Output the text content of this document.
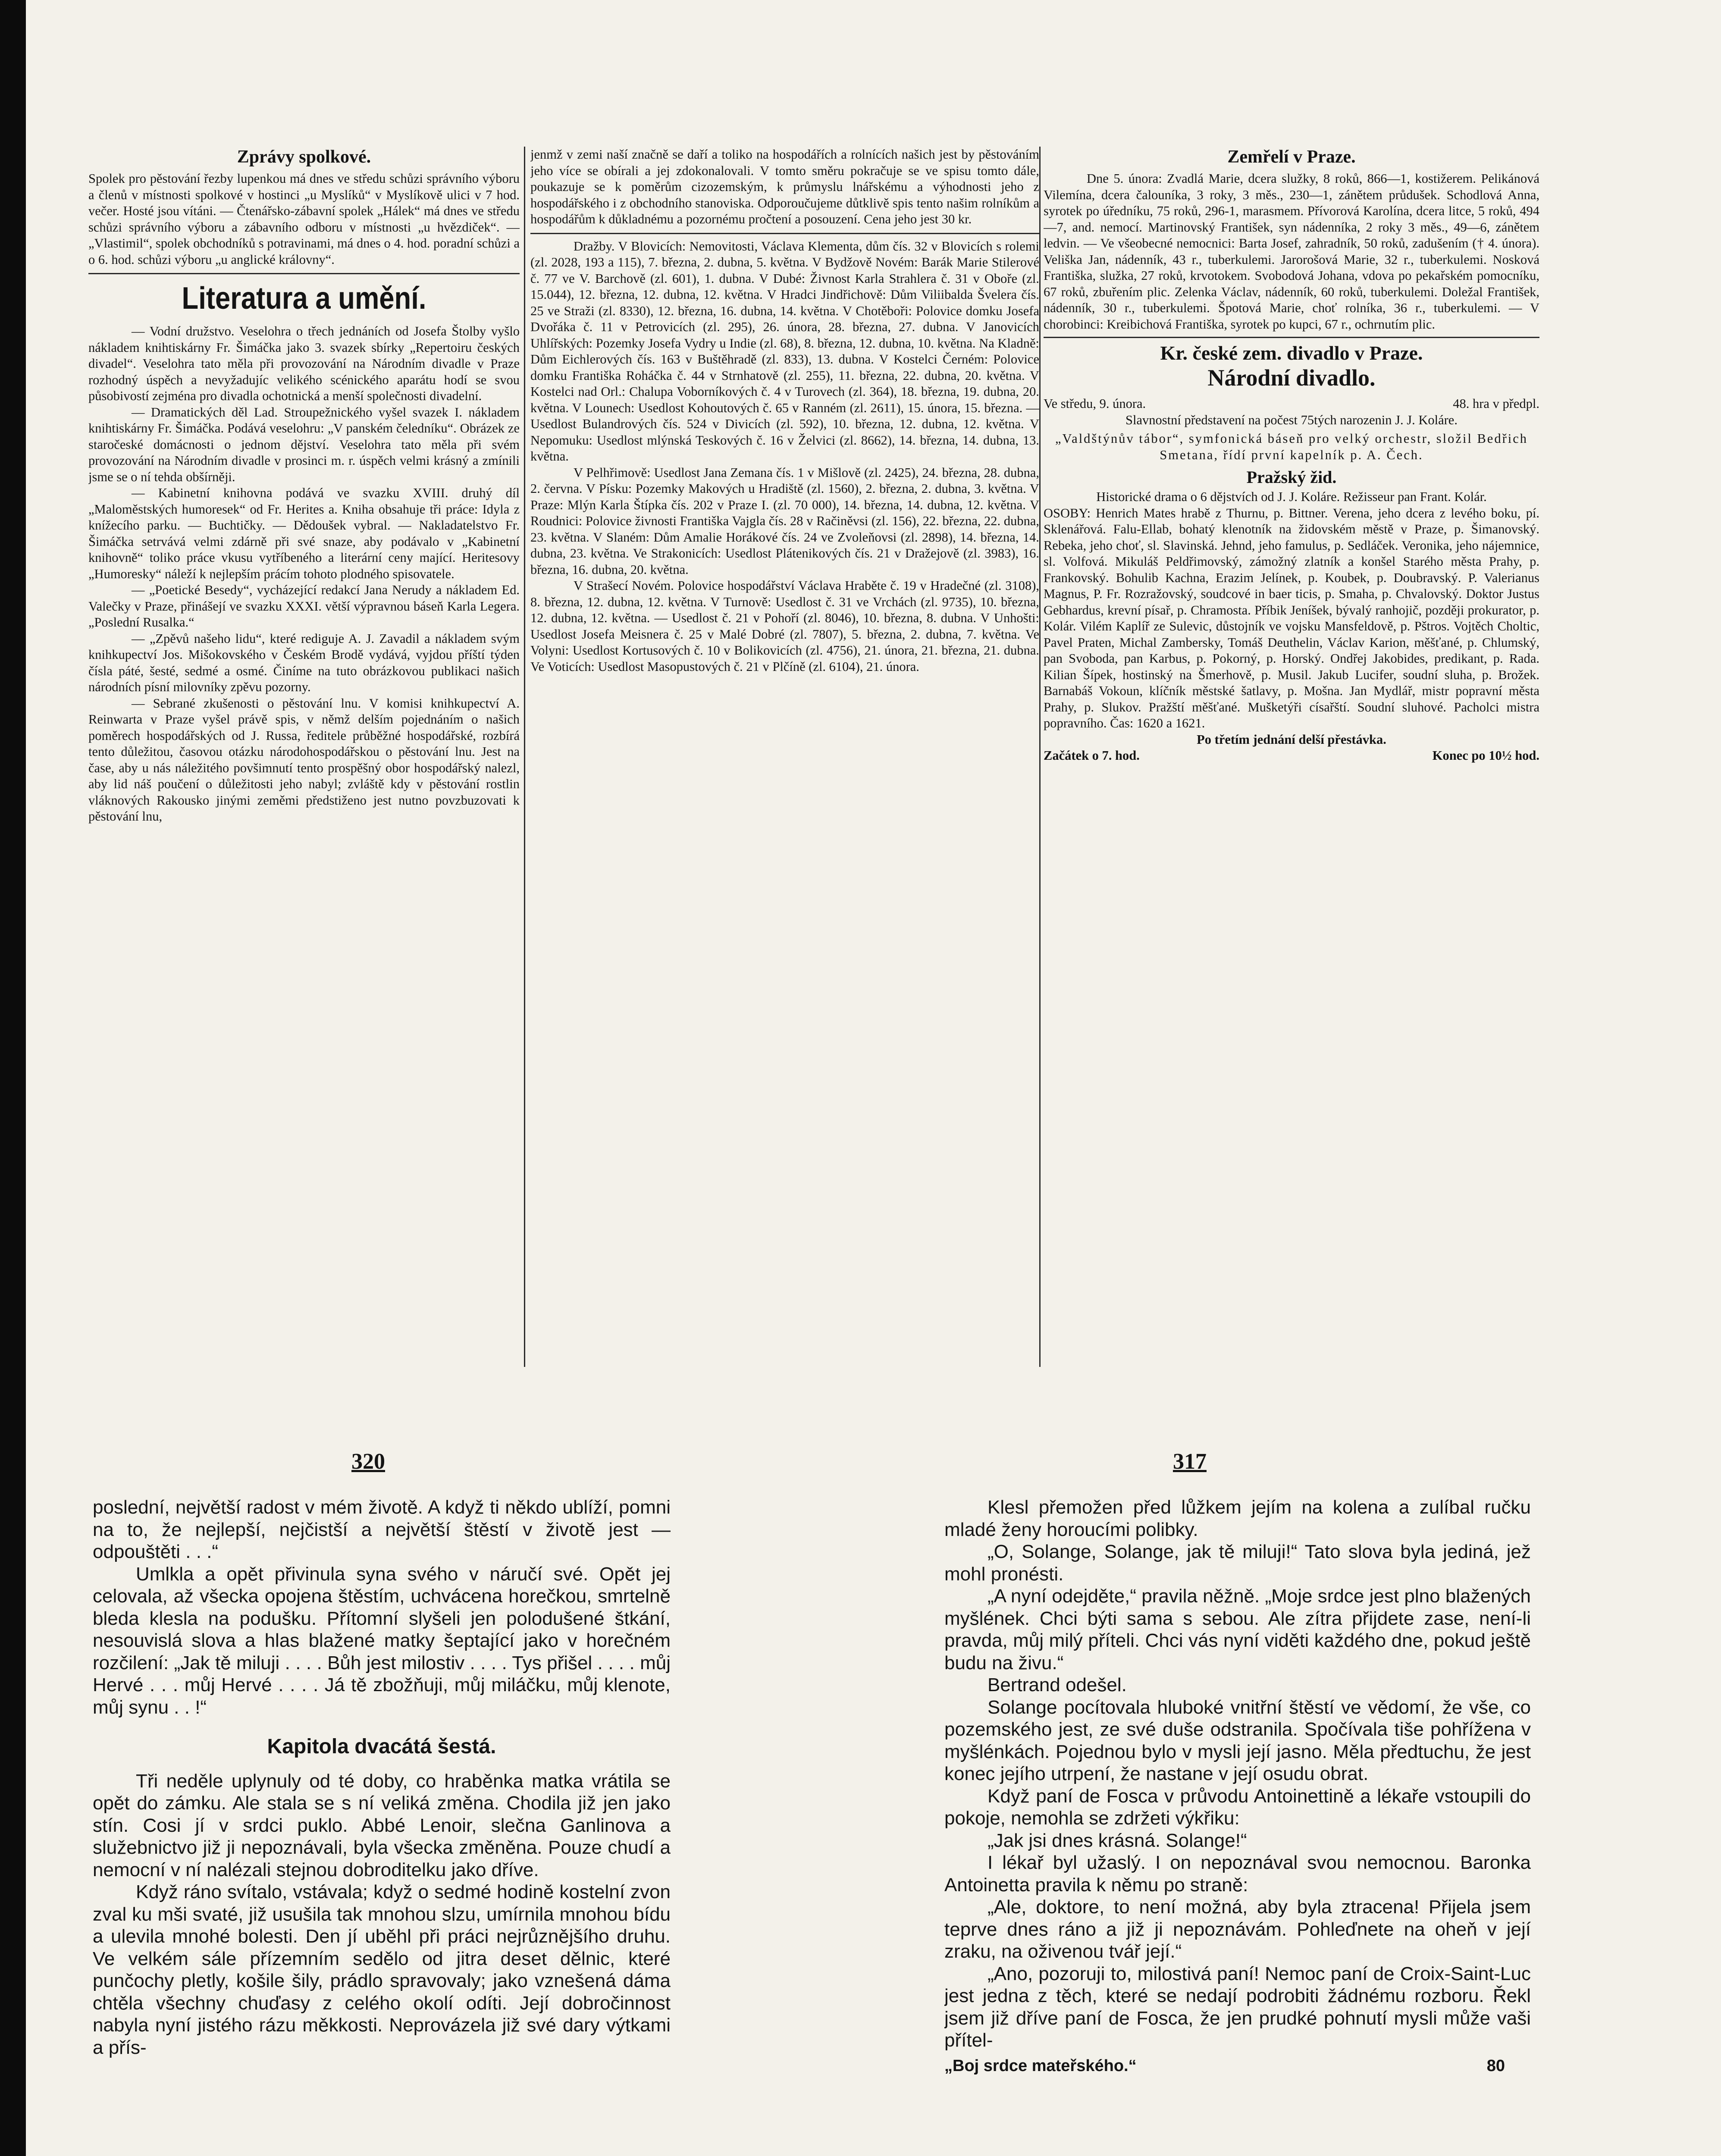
Zprávy spolkové.

Spolek pro pěstování řezby lupenkou má dnes ve středu schůzi správního výboru a členů v místnosti spolkové v hostinci „u Myslíků“ v Myslíkově ulici v 7 hod. večer. Hosté jsou vítáni. — Čtenářsko-zábavní spolek „Hálek“ má dnes ve středu schůzi správního výboru a zábavního odboru v místnosti „u hvězdiček“. — „Vlastimil“, spolek obchodníků s potravinami, má dnes o 4. hod. poradní schůzi a o 6. hod. schůzi výboru „u anglické královny“.

Literatura a umění.

— Vodní družstvo. Veselohra o třech jednáních od Josefa Štolby vyšlo nákladem knihtiskárny Fr. Šimáčka jako 3. svazek sbírky „Repertoiru českých divadel“. Veselohra tato měla při provozování na Národním divadle v Praze rozhodný úspěch a nevyžadujíc velikého scénického aparátu hodí se svou působivostí zejména pro divadla ochotnická a menší společnosti divadelní.

— Dramatických děl Lad. Stroupežnického vyšel svazek I. nákladem knihtiskárny Fr. Šimáčka. Podává veselohru: „V panském čeledníku“. Obrázek ze staročeské domácnosti o jednom dějství. Veselohra tato měla při svém provozování na Národním divadle v prosinci m. r. úspěch velmi krásný a zmínili jsme se o ní tehda obšírněji.

— Kabinetní knihovna podává ve svazku XVIII. druhý díl „Maloměstských humoresek“ od Fr. Herites a. Kniha obsahuje tři práce: Idyla z knížecího parku. — Buchtičky. — Dědoušek vybral. — Nakladatelstvo Fr. Šimáčka setrvává velmi zdárně při své snaze, aby podávalo v „Kabinetní knihovně“ toliko práce vkusu vytříbeného a literární ceny mající. Heritesovy „Humoresky“ náleží k nejlepším prácím tohoto plodného spisovatele.

— „Poetické Besedy“, vycházející redakcí Jana Nerudy a nákladem Ed. Valečky v Praze, přinášejí ve svazku XXXI. větší výpravnou báseň Karla Legera. „Poslední Rusalka.“

— „Zpěvů našeho lidu“, které rediguje A. J. Zavadil a nákladem svým knihkupectví Jos. Mišokovského v Českém Brodě vydává, vyjdou příští týden čísla páté, šesté, sedmé a osmé. Činíme na tuto obrázkovou publikaci našich národních písní milovníky zpěvu pozorny.

— Sebrané zkušenosti o pěstování lnu. V komisi knihkupectví A. Reinwarta v Praze vyšel právě spis, v němž delším pojednáním o našich poměrech hospodářských od J. Russa, ředitele průběžné hospodářské, rozbírá tento důležitou, časovou otázku národohospodářskou o pěstování lnu. Jest na čase, aby u nás náležitého povšimnutí tento prospěšný obor hospodářský nalezl, aby lid náš poučení o důležitosti jeho nabyl; zvláště kdy v pěstování rostlin vláknových Rakousko jinými zeměmi předstiženo jest nutno povzbuzovati k pěstování lnu,

jenmž v zemi naší značně se daří a toliko na hospodářích a rolnících našich jest by pěstováním jeho více se obírali a jej zdokonalovali. V tomto směru pokračuje se ve spisu tomto dále, poukazuje se k poměrům cizozemským, k průmyslu lnářskému a výhodnosti jeho z hospodářského i z obchodního stanoviska. Odporoučujeme důtklivě spis tento našim rolníkům a hospodářům k důkladnému a pozornému pročtení a posouzení. Cena jeho jest 30 kr.

Dražby. V Blovicích: Nemovitosti, Václava Klementa, dům čís. 32 v Blovicích s rolemi (zl. 2028, 193 a 115), 7. března, 2. dubna, 5. května. V Bydžově Novém: Barák Marie Stilerové č. 77 ve V. Barchově (zl. 601), 1. dubna. V Dubé: Živnost Karla Strahlera č. 31 v Oboře (zl. 15.044), 12. března, 12. dubna, 12. května. V Hradci Jindřichově: Dům Viliibalda Švelera čís. 25 ve Straži (zl. 8330), 12. března, 16. dubna, 14. května. V Chotěboři: Polovice domku Josefa Dvořáka č. 11 v Petrovicích (zl. 295), 26. února, 28. března, 27. dubna. V Janovicích Uhlířských: Pozemky Josefa Vydry u Indie (zl. 68), 8. března, 12. dubna, 10. května. Na Kladně: Dům Eichlerových čís. 163 v Buštěhradě (zl. 833), 13. dubna. V Kostelci Černém: Polovice domku Františka Roháčka č. 44 v Strnhatově (zl. 255), 11. března, 22. dubna, 20. května. V Kostelci nad Orl.: Chalupa Voborníkových č. 4 v Turovech (zl. 364), 18. března, 19. dubna, 20. května. V Lounech: Usedlost Kohoutových č. 65 v Ranném (zl. 2611), 15. února, 15. března. — Usedlost Bulandrových čís. 524 v Divicích (zl. 592), 10. března, 12. dubna, 12. května. V Nepomuku: Usedlost mlýnská Teskových č. 16 v Želvici (zl. 8662), 14. března, 14. dubna, 13. května.

V Pelhřimově: Usedlost Jana Zemana čís. 1 v Mišlově (zl. 2425), 24. března, 28. dubna, 2. června. V Písku: Pozemky Makových u Hradiště (zl. 1560), 2. března, 2. dubna, 3. května. V Praze: Mlýn Karla Štípka čís. 202 v Praze I. (zl. 70 000), 14. března, 14. dubna, 12. května. V Roudnici: Polovice živnosti Františka Vajgla čís. 28 v Račiněvsi (zl. 156), 22. března, 22. dubna, 23. května. V Slaném: Dům Amalie Horákové čís. 24 ve Zvoleňovsi (zl. 2898), 14. března, 14. dubna, 23. května. Ve Strakonicích: Usedlost Plátenikových čís. 21 v Dražejově (zl. 3983), 16. března, 16. dubna, 20. května.

V Strašecí Novém. Polovice hospodářství Václava Hraběte č. 19 v Hradečné (zl. 3108), 8. března, 12. dubna, 12. května. V Turnově: Usedlost č. 31 ve Vrchách (zl. 9735), 10. března, 12. dubna, 12. května. — Usedlost č. 21 v Pohoří (zl. 8046), 10. března, 8. dubna. V Unhošti: Usedlost Josefa Meisnera č. 25 v Malé Dobré (zl. 7807), 5. března, 2. dubna, 7. května. Ve Volyni: Usedlost Kortusových č. 10 v Bolikovicích (zl. 4756), 21. února, 21. března, 21. dubna. Ve Voticích: Usedlost Masopustových č. 21 v Plčíně (zl. 6104), 21. února.

Zemřelí v Praze.

Dne 5. února: Zvadlá Marie, dcera služky, 8 roků, 866—1, kostižerem. Pelikánová Vilemína, dcera čalouníka, 3 roky, 3 měs., 230—1, zánětem průdušek. Schodlová Anna, syrotek po úředníku, 75 roků, 296-1, marasmem. Přívorová Karolína, dcera litce, 5 roků, 494—7, and. nemocí. Martinovský František, syn nádenníka, 2 roky 3 měs., 49—6, zánětem ledvin. — Ve všeobecné nemocnici: Barta Josef, zahradník, 50 roků, zadušením († 4. února). Veliška Jan, nádenník, 43 r., tuberkulemi. Jarorošová Marie, 32 r., tuberkulemi. Nosková Františka, služka, 27 roků, krvotokem. Svobodová Johana, vdova po pekařském pomocníku, 67 roků, zbuřením plic. Zelenka Václav, nádenník, 60 roků, tuberkulemi. Doležal František, nádenník, 30 r., tuberkulemi. Špotová Marie, choť rolníka, 36 r., tuberkulemi. — V chorobinci: Kreibichová Františka, syrotek po kupci, 67 r., ochrnutím plic.

Kr. české zem. divadlo v Praze.
Národní divadlo.
Ve středu, 9. února.	48. hra v předpl.

Slavnostní představení na počest 75tých narozenin J. J. Koláre.

„Valdštýnův tábor“, symfonická báseň pro velký orchestr, složil Bedřich Smetana, řídí první kapelník p. A. Čech.

Pražský žid.

Historické drama o 6 dějstvích od J. J. Koláre. Režisseur pan Frant. Kolár.

OSOBY: Henrich Mates hrabě z Thurnu, p. Bittner. Verena, jeho dcera z levého boku, pí. Sklenářová. Falu-Ellab, bohatý klenotník na židovském městě v Praze, p. Šimanovský. Rebeka, jeho choť, sl. Slavinská. Jehnd, jeho famulus, p. Sedláček. Veronika, jeho nájemnice, sl. Volfová. Mikuláš Peldřimovský, zámožný zlatník a konšel Starého města Prahy, p. Frankovský. Bohulib Kachna, Erazim Jelínek, p. Koubek, p. Doubravský. P. Valerianus Magnus, P. Fr. Rozražovský, soudcové in baer ticis, p. Smaha, p. Chvalovský. Doktor Justus Gebhardus, krevní písař, p. Chramosta. Příbik Jeníšek, bývalý ranhojič, později prokurator, p. Kolár. Vilém Kaplíř ze Sulevic, důstojník ve vojsku Mansfeldově, p. Pštros. Vojtěch Choltic, Pavel Praten, Michal Zambersky, Tomáš Deuthelin, Václav Karion, měšťané, p. Chlumský, pan Svoboda, pan Karbus, p. Pokorný, p. Horský. Ondřej Jakobides, predikant, p. Rada. Kilian Šípek, hostinský na Šmerhově, p. Musil. Jakub Lucifer, soudní sluha, p. Brožek. Barnabáš Vokoun, klíčník městské šatlavy, p. Mošna. Jan Mydlář, mistr popravní města Prahy, p. Slukov. Pražští měšťané. Mušketýři císařští. Soudní sluhové. Pacholci mistra popravního. Čas: 1620 a 1621.

Po třetím jednání delší přestávka.

Začátek o 7. hod.	Konec po 10½ hod.
320	317

poslední, největší radost v mém životě. A když ti někdo ublíží, pomni na to, že nejlepší, nejčistší a největší štěstí v životě jest — odpouštěti . . .“

Umlkla a opět přivinula syna svého v náručí své. Opět jej celovala, až všecka opojena štěstím, uchvácena horečkou, smrtelně bleda klesla na podušku. Přítomní slyšeli jen polodušené štkání, nesouvislá slova a hlas blažené matky šeptající jako v horečném rozčilení: „Jak tě miluji . . . . Bůh jest milostiv . . . . Tys přišel . . . . můj Hervé . . . můj Hervé . . . . Já tě zbožňuji, můj miláčku, můj klenote, můj synu . . !“

Kapitola dvacátá šestá.

Tři neděle uplynuly od té doby, co hraběnka matka vrátila se opět do zámku. Ale stala se s ní veliká změna. Chodila již jen jako stín. Cosi jí v srdci puklo. Abbé Lenoir, slečna Ganlinova a služebnictvo již ji nepoznávali, byla všecka změněna. Pouze chudí a nemocní v ní nalézali stejnou dobroditelku jako dříve.

Když ráno svítalo, vstávala; když o sedmé hodině kostelní zvon zval ku mši svaté, již usušila tak mnohou slzu, umírnila mnohou bídu a ulevila mnohé bolesti. Den jí uběhl při práci nejrůznějšího druhu. Ve velkém sále přízemním sedělo od jitra deset dělnic, které punčochy pletly, košile šily, prádlo spravovaly; jako vznešená dáma chtěla všechny chuďasy z celého okolí odíti. Její dobročinnost nabyla nyní jistého rázu měkkosti. Neprovázela již své dary výtkami a přís-

Klesl přemožen před lůžkem jejím na kolena a zulíbal ručku mladé ženy horoucími polibky.

„O, Solange, Solange, jak tě miluji!“ Tato slova byla jediná, jež mohl pronésti.

„A nyní odejděte,“ pravila něžně. „Moje srdce jest plno blažených myšlének. Chci býti sama s sebou. Ale zítra přijdete zase, není-li pravda, můj milý příteli. Chci vás nyní viděti každého dne, pokud ještě budu na živu.“

Bertrand odešel.

Solange pocítovala hluboké vnitřní štěstí ve vědomí, že vše, co pozemského jest, ze své duše odstranila. Spočívala tiše pohřížena v myšlénkách. Pojednou bylo v mysli její jasno. Měla předtuchu, že jest konec jejího utrpení, že nastane v její osudu obrat.

Když paní de Fosca v průvodu Antoinettině a lékaře vstoupili do pokoje, nemohla se zdržeti výkřiku:

„Jak jsi dnes krásná. Solange!“

I lékař byl užaslý. I on nepoznával svou nemocnou. Baronka Antoinetta pravila k němu po straně:

„Ale, doktore, to není možná, aby byla ztracena! Přijela jsem teprve dnes ráno a již ji nepoznávám. Pohleďnete na oheň v její zraku, na oživenou tvář její.“

„Ano, pozoruji to, milostivá paní! Nemoc paní de Croix-Saint-Luc jest jedna z těch, které se nedají podrobiti žádnému rozboru. Řekl jsem již dříve paní de Fosca, že jen prudké pohnutí mysli může vaši přítel-

„Boj srdce mateřského.“	80
